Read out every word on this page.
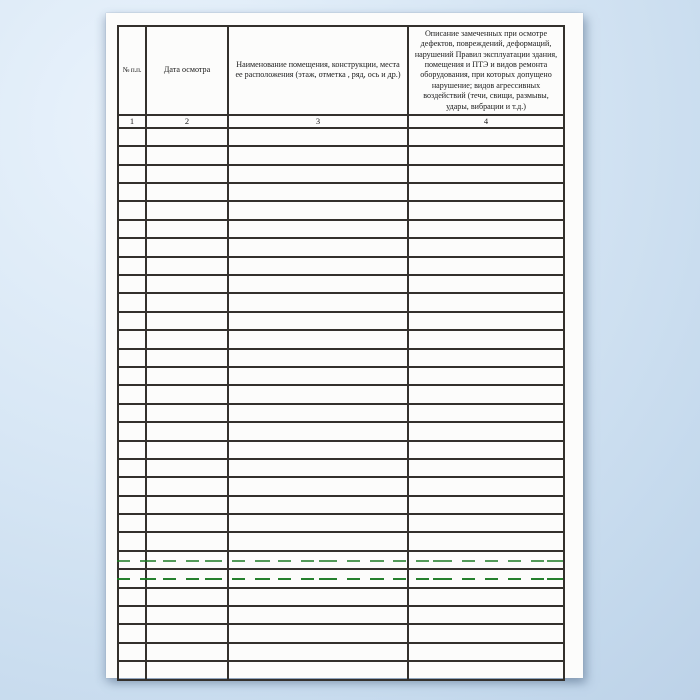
№ п.п.	Дата осмотра	Наименование помещения, конструкции, места ее расположения (этаж, отметка , ряд, ось и др.)	Описание замеченных при осмотре дефектов, повреждений, деформаций, нарушений Правил эксплуатации здания, помещения и ПТЭ и видов ремонта оборудования, при которых допущено нарушение; видов агрессивных воздействий (течи, свищи, размывы, удары, вибрации и т.д.)
1	2	3	4
